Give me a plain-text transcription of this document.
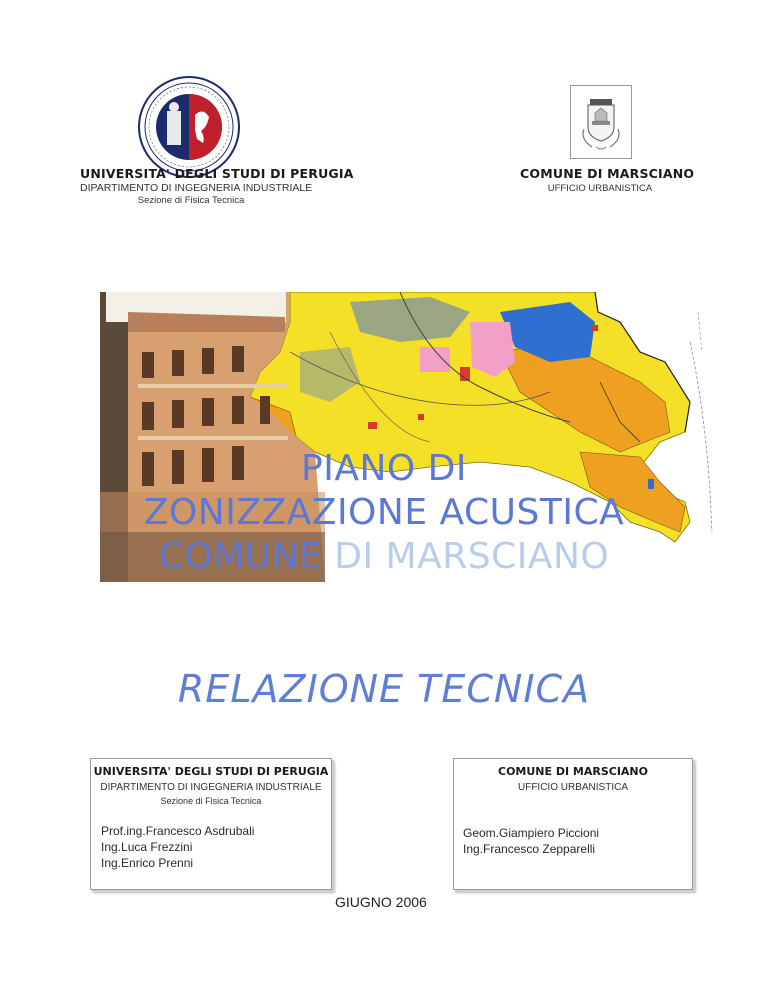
UNIVERSITA' DEGLI STUDI DI PERUGIA
DIPARTIMENTO DI INGEGNERIA INDUSTRIALE
Sezione di Fisica Tecnica
COMUNE DI MARSCIANO
UFFICIO URBANISTICA
PIANO DI
ZONIZZAZIONE ACUSTICA
COMUNE DI MARSCIANO
RELAZIONE TECNICA
UNIVERSITA' DEGLI STUDI DI PERUGIA
DIPARTIMENTO DI INGEGNERIA INDUSTRIALE
Sezione di Fisica Tecnica
Prof.ing.Francesco Asdrubali
Ing.Luca Frezzini
Ing.Enrico Prenni
COMUNE DI MARSCIANO
UFFICIO URBANISTICA
Geom.Giampiero Piccioni
Ing.Francesco Zepparelli
GIUGNO 2006
